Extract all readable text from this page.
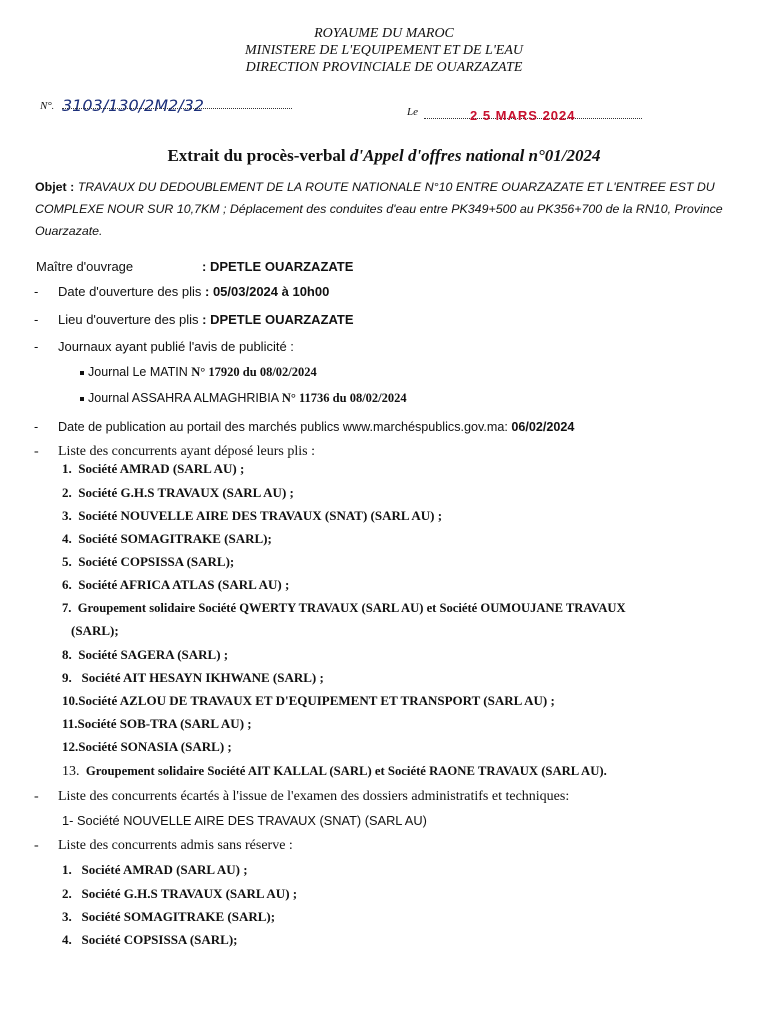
ROYAUME DU MAROC
MINISTERE DE L'EQUIPEMENT ET DE L'EAU
DIRECTION PROVINCIALE DE OUARZAZATE
N°. 3103/130/2M2/32	Le	2 5 MARS 2024
Extrait du procès-verbal d'Appel d'offres national n°01/2024
Objet : TRAVAUX DU DEDOUBLEMENT DE LA ROUTE NATIONALE N°10 ENTRE OUARZAZATE ET L'ENTREE EST DU COMPLEXE NOUR SUR 10,7KM ; Déplacement des conduites d'eau entre PK349+500 au PK356+700 de la RN10, Province Ouarzazate.
Maître d'ouvrage	: DPETLE OUARZAZATE
- Date d'ouverture des plis : 05/03/2024 à 10h00
- Lieu d'ouverture des plis : DPETLE OUARZAZATE
- Journaux ayant publié l'avis de publicité :
Journal Le MATIN N° 17920 du 08/02/2024
Journal ASSAHRA ALMAGHRIBIA N° 11736 du 08/02/2024
- Date de publication au portail des marchés publics www.marchéspublics.gov.ma: 06/02/2024
- Liste des concurrents ayant déposé leurs plis :
1. Société AMRAD (SARL AU) ;
2. Société G.H.S TRAVAUX (SARL AU) ;
3. Société NOUVELLE AIRE DES TRAVAUX (SNAT) (SARL AU) ;
4. Société SOMAGITRAKE (SARL);
5. Société COPSISSA (SARL);
6. Société AFRICA ATLAS (SARL AU) ;
7. Groupement solidaire Société QWERTY TRAVAUX (SARL AU) et Société OUMOUJANE TRAVAUX
(SARL);
8. Société SAGERA (SARL) ;
9. Société AIT HESAYN IKHWANE (SARL) ;
10.Société AZLOU DE TRAVAUX ET D'EQUIPEMENT ET TRANSPORT (SARL AU) ;
11.Société SOB-TRA (SARL AU) ;
12.Société SONASIA (SARL) ;
13. Groupement solidaire Société AIT KALLAL (SARL) et Société RAONE TRAVAUX (SARL AU).
- Liste des concurrents écartés à l'issue de l'examen des dossiers administratifs et techniques:
1- Société NOUVELLE AIRE DES TRAVAUX (SNAT) (SARL AU)
- Liste des concurrents admis sans réserve :
1. Société AMRAD (SARL AU) ;
2. Société G.H.S TRAVAUX (SARL AU) ;
3. Société SOMAGITRAKE (SARL);
4. Société COPSISSA (SARL);
